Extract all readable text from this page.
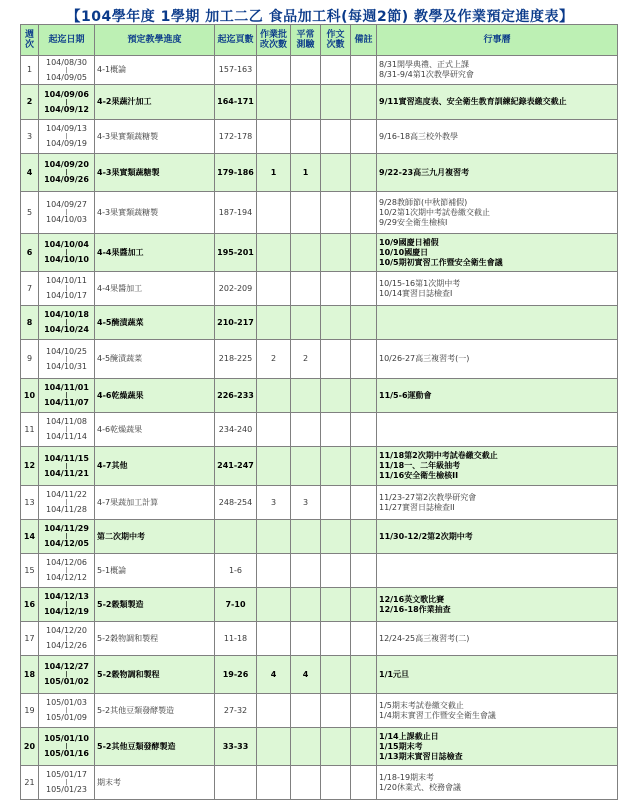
【104學年度 1學期 加工二乙 食品加工科(每週2節) 教學及作業預定進度表】
週次	起迄日期	預定教學進度	起迄頁數	作業批改次數	平常測驗	作文次數	備註	行事曆
1	104/08/30
|
104/09/05	4-1概論	157-163					8/31開學典禮、正式上課
8/31-9/4第1次教學研究會

2	104/09/06
|
104/09/12	4-2果蔬汁加工	164-171					9/11實習進度表、安全衛生教育訓練紀錄表繳交截止

3	104/09/13
|
104/09/19	4-3果實類蔬糖製	172-178					9/16-18高三校外教學

4	104/09/20
|
104/09/26	4-3果實類蔬糖製	179-186	1	1			9/22-23高三九月複習考

5	104/09/27
|
104/10/03	4-3果實類蔬糖製	187-194					9/28教師節(中秋節補假)
10/2第1次期中考試卷繳交截止
9/29安全衛生檢核I

6	104/10/04
|
104/10/10	4-4果醬加工	195-201					10/9國慶日補假
10/10國慶日
10/5期初實習工作暨安全衛生會議

7	104/10/11
|
104/10/17	4-4果醬加工	202-209					10/15-16第1次期中考
10/14實習日誌檢查I

8	104/10/18
|
104/10/24	4-5醃漬蔬菜	210-217					
9	104/10/25
|
104/10/31	4-5醃漬蔬菜	218-225	2	2			10/26-27高三複習考(一)

10	104/11/01
|
104/11/07	4-6乾燥蔬果	226-233					11/5-6運動會

11	104/11/08
|
104/11/14	4-6乾燥蔬果	234-240					
12	104/11/15
|
104/11/21	4-7其他	241-247					11/18第2次期中考試卷繳交截止
11/18一、二年級抽考
11/16安全衛生檢核II

13	104/11/22
|
104/11/28	4-7果蔬加工計算	248-254	3	3			11/23-27第2次教學研究會
11/27實習日誌檢查II

14	104/11/29
|
104/12/05	第二次期中考						11/30-12/2第2次期中考

15	104/12/06
|
104/12/12	5-1概論	1-6					
16	104/12/13
|
104/12/19	5-2穀類製造	7-10					12/16英文歌比賽
12/16-18作業抽查

17	104/12/20
|
104/12/26	5-2穀物調和製程	11-18					12/24-25高三複習考(二)

18	104/12/27
|
105/01/02	5-2穀物調和製程	19-26	4	4			1/1元旦

19	105/01/03
|
105/01/09	5-2其他豆類發酵製造	27-32					1/5期末考試卷繳交截止
1/4期末實習工作暨安全衛生會議

20	105/01/10
|
105/01/16	5-2其他豆類發酵製造	33-33					1/14上課截止日
1/15期末考
1/13期末實習日誌檢查

21	105/01/17
|
105/01/23	期末考						1/18-19期末考
1/20休業式、校務會議
